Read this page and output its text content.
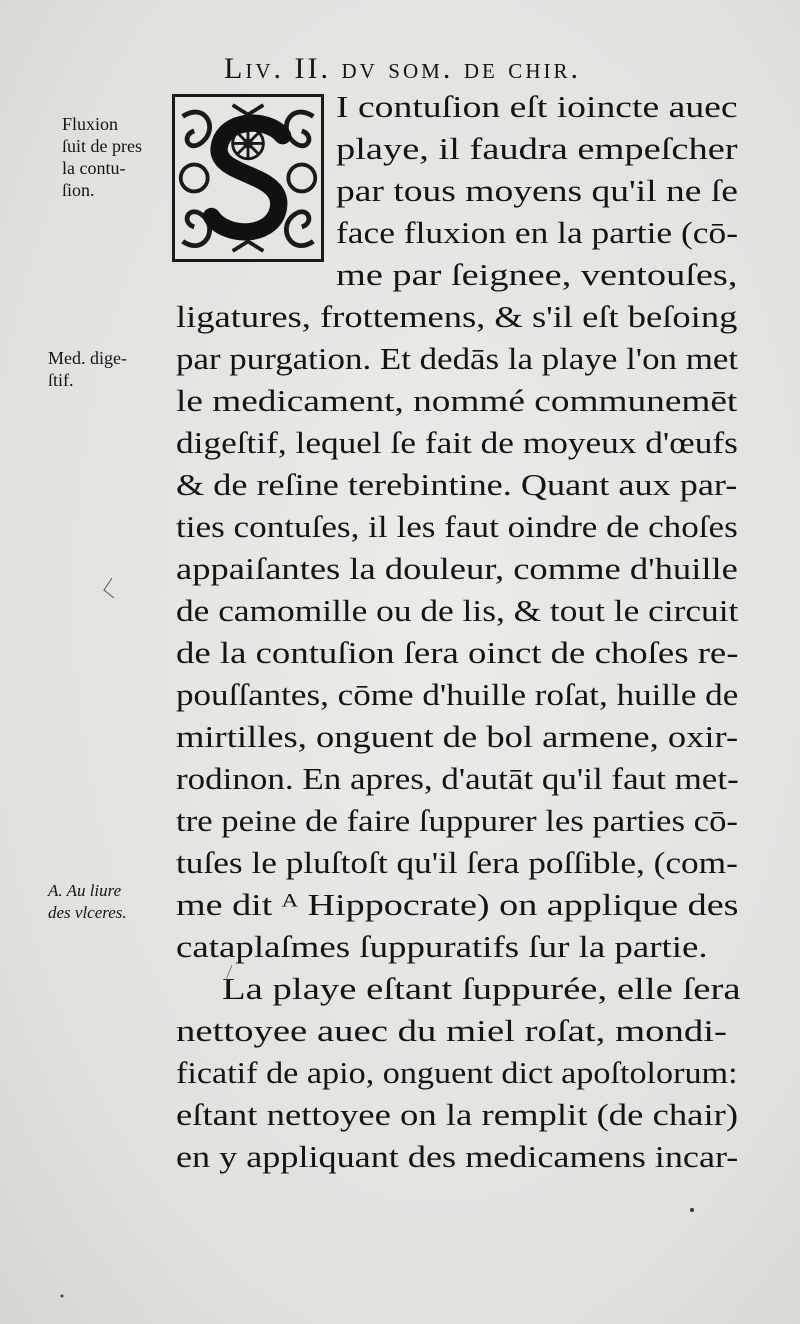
Liv. II. dv som. de chir.
I contuſion eſt ioincte auec
playe, il faudra empeſcher
par tous moyens qu'il ne ſe
face fluxion en la partie (cō-
me par ſeignee, ventouſes,
ligatures, frottemens, & s'il eſt beſoing
par purgation. Et dedās la playe l'on met
le medicament, nommé communemēt
digeſtif, lequel ſe fait de moyeux d'œufs
& de reſine terebintine. Quant aux par-
ties contuſes, il les faut oindre de choſes
appaiſantes la douleur, comme d'huille
de camomille ou de lis, & tout le circuit
de la contuſion ſera oinct de choſes re-
pouſſantes, cōme d'huille roſat, huille de
mirtilles, onguent de bol armene, oxir-
rodinon. En apres, d'autāt qu'il faut met-
tre peine de faire ſuppurer les parties cō-
tuſes le pluſtoſt qu'il ſera poſſible, (com-
me dit ᴬ Hippocrate) on applique des
cataplaſmes ſuppuratifs ſur la partie.
La playe eſtant ſuppurée, elle ſera
nettoyee auec du miel roſat, mondi-
ficatif de apio, onguent dict apoſtolorum:
eſtant nettoyee on la remplit (de chair)
en y appliquant des medicamens incar-
Fluxion
ſuit de pres
la contu-
ſion.
Med. dige-
ſtif.
A. Au liure
des vlceres.
